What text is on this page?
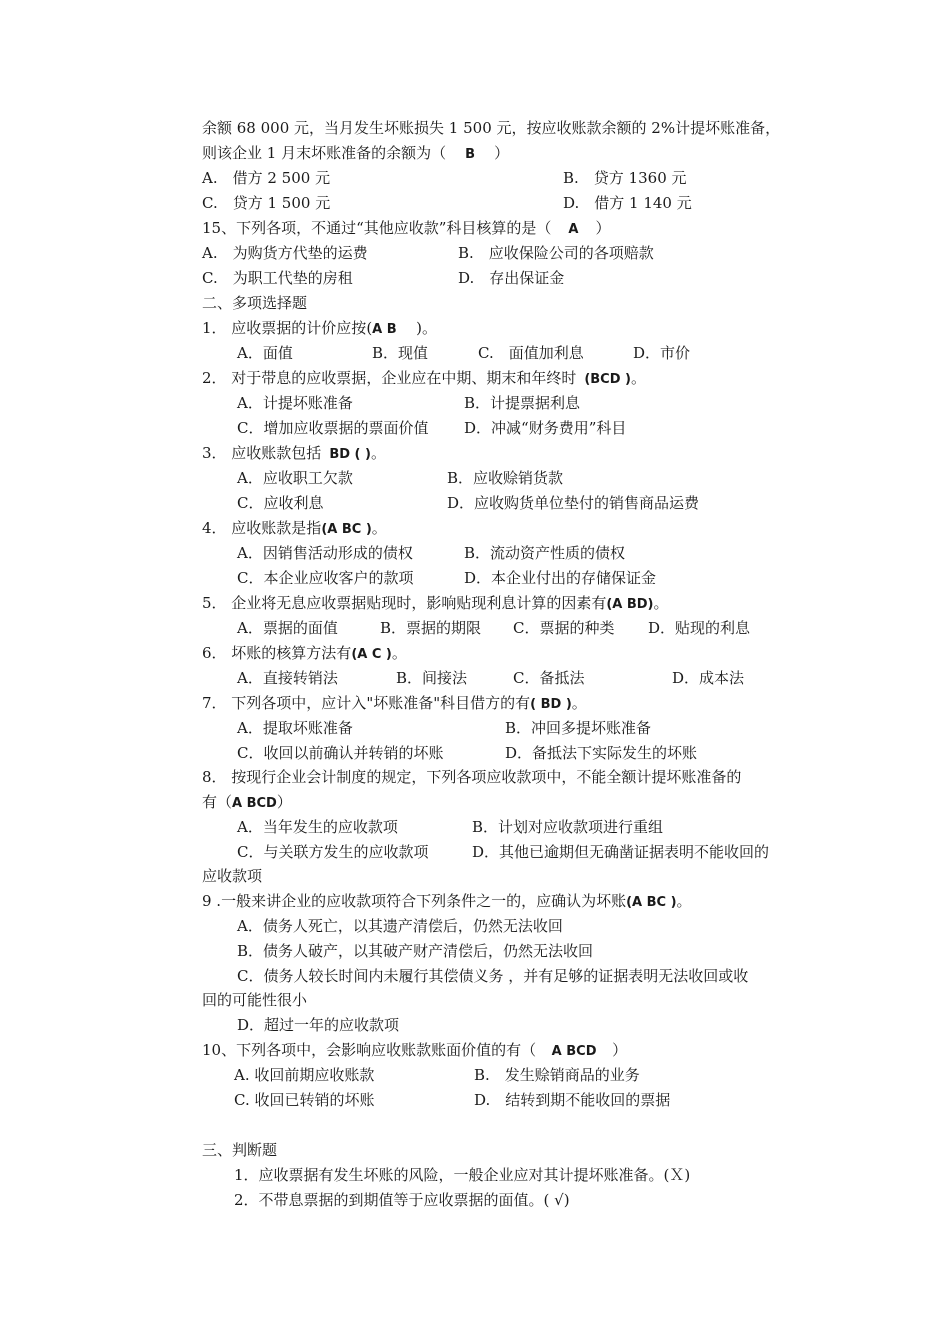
余额 68 000 元，当月发生坏账损失 1 500 元，按应收账款余额的 2%计提坏账准备，
则该企业 1 月末坏账准备的余额为（ B ）
A.　借方 2 500 元	B.　贷方 1360 元
C.　贷方 1 500 元	D.　借方 1 140 元
15、下列各项，不通过“其他应收款”科目核算的是（ A ）
A.　为购货方代垫的运费	B.　应收保险公司的各项赔款
C.　为职工代垫的房租	D.　存出保证金
二、多项选择题
1． 应收票据的计价应按(A B )。
A．面值	B．现值	C.　面值加利息	D．市价
2． 对于带息的应收票据，企业应在中期、期末和年终时 (BCD )。
A．计提坏账准备	B．计提票据利息
C．增加应收票据的票面价值 D．冲减“财务费用”科目
3． 应收账款包括 BD ( )。
A．应收职工欠款	B．应收赊销货款
C．应收利息	D．应收购货单位垫付的销售商品运费
4． 应收账款是指(A BC )。
A．因销售活动形成的债权	B．流动资产性质的债权
C．本企业应收客户的款项	D．本企业付出的存储保证金
5． 企业将无息应收票据贴现时，影响贴现利息计算的因素有(A BD)。
A．票据的面值	B．票据的期限 C．票据的种类 D．贴现的利息
6． 坏账的核算方法有(A C )。
A．直接转销法	B．间接法	C．备抵法	D．成本法
7． 下列各项中，应计入"坏账准备"科目借方的有( BD )。
A．提取坏账准备	B．冲回多提坏账准备
C．收回以前确认并转销的坏账	D．备抵法下实际发生的坏账
8． 按现行企业会计制度的规定，下列各项应收款项中，不能全额计提坏账准备的
有（A BCD）
A．当年发生的应收款项	B．计划对应收款项进行重组
C．与关联方发生的应收款项	D．其他已逾期但无确凿证据表明不能收回的
应收款项
9 .一般来讲企业的应收款项符合下列条件之一的，应确认为坏账(A BC )。
A．债务人死亡，以其遗产清偿后，仍然无法收回
B．债务人破产，以其破产财产清偿后，仍然无法收回
C．债务人较长时间内未履行其偿债义务 ，并有足够的证据表明无法收回或收
回的可能性很小
D．超过一年的应收款项
10、下列各项中，会影响应收账款账面价值的有（ A BCD ）
A. 收回前期应收账款	B.　发生赊销商品的业务
C. 收回已转销的坏账	D.　结转到期不能收回的票据
三、判断题
1．应收票据有发生坏账的风险，一般企业应对其计提坏账准备。(Ｘ)
2．不带息票据的到期值等于应收票据的面值。( √)
